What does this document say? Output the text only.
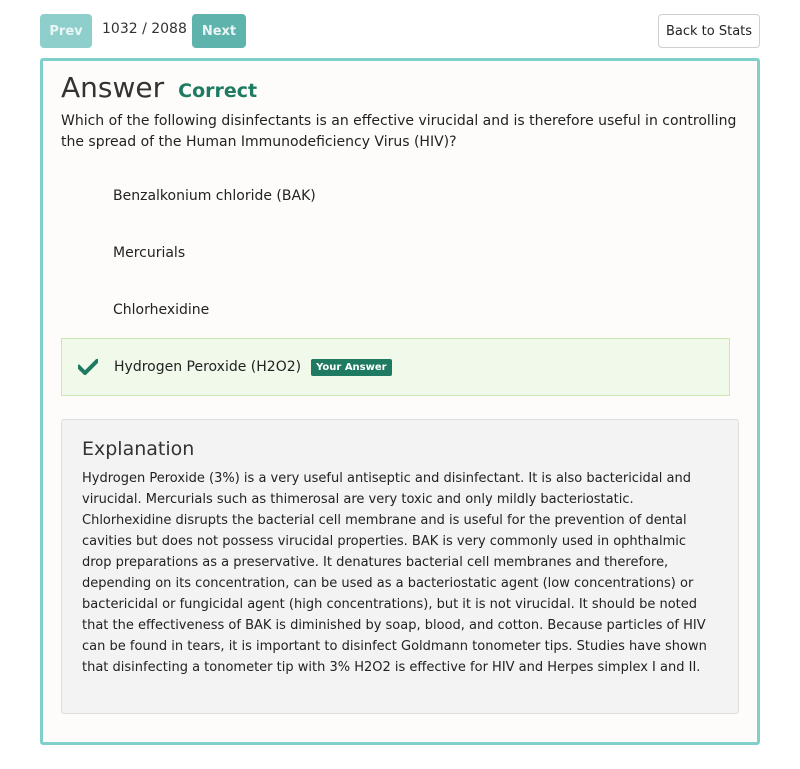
Prev	1032 / 2088	Next	Back to Stats
Answer Correct
Which of the following disinfectants is an effective virucidal and is therefore useful in controlling the spread of the Human Immunodeficiency Virus (HIV)?
Benzalkonium chloride (BAK)
Mercurials
Chlorhexidine
Hydrogen Peroxide (H2O2)	Your Answer
Explanation
Hydrogen Peroxide (3%) is a very useful antiseptic and disinfectant. It is also bactericidal and virucidal. Mercurials such as thimerosal are very toxic and only mildly bacteriostatic. Chlorhexidine disrupts the bacterial cell membrane and is useful for the prevention of dental cavities but does not possess virucidal properties. BAK is very commonly used in ophthalmic drop preparations as a preservative. It denatures bacterial cell membranes and therefore, depending on its concentration, can be used as a bacteriostatic agent (low concentrations) or bactericidal or fungicidal agent (high concentrations), but it is not virucidal. It should be noted that the effectiveness of BAK is diminished by soap, blood, and cotton. Because particles of HIV can be found in tears, it is important to disinfect Goldmann tonometer tips. Studies have shown that disinfecting a tonometer tip with 3% H2O2 is effective for HIV and Herpes simplex I and II.
